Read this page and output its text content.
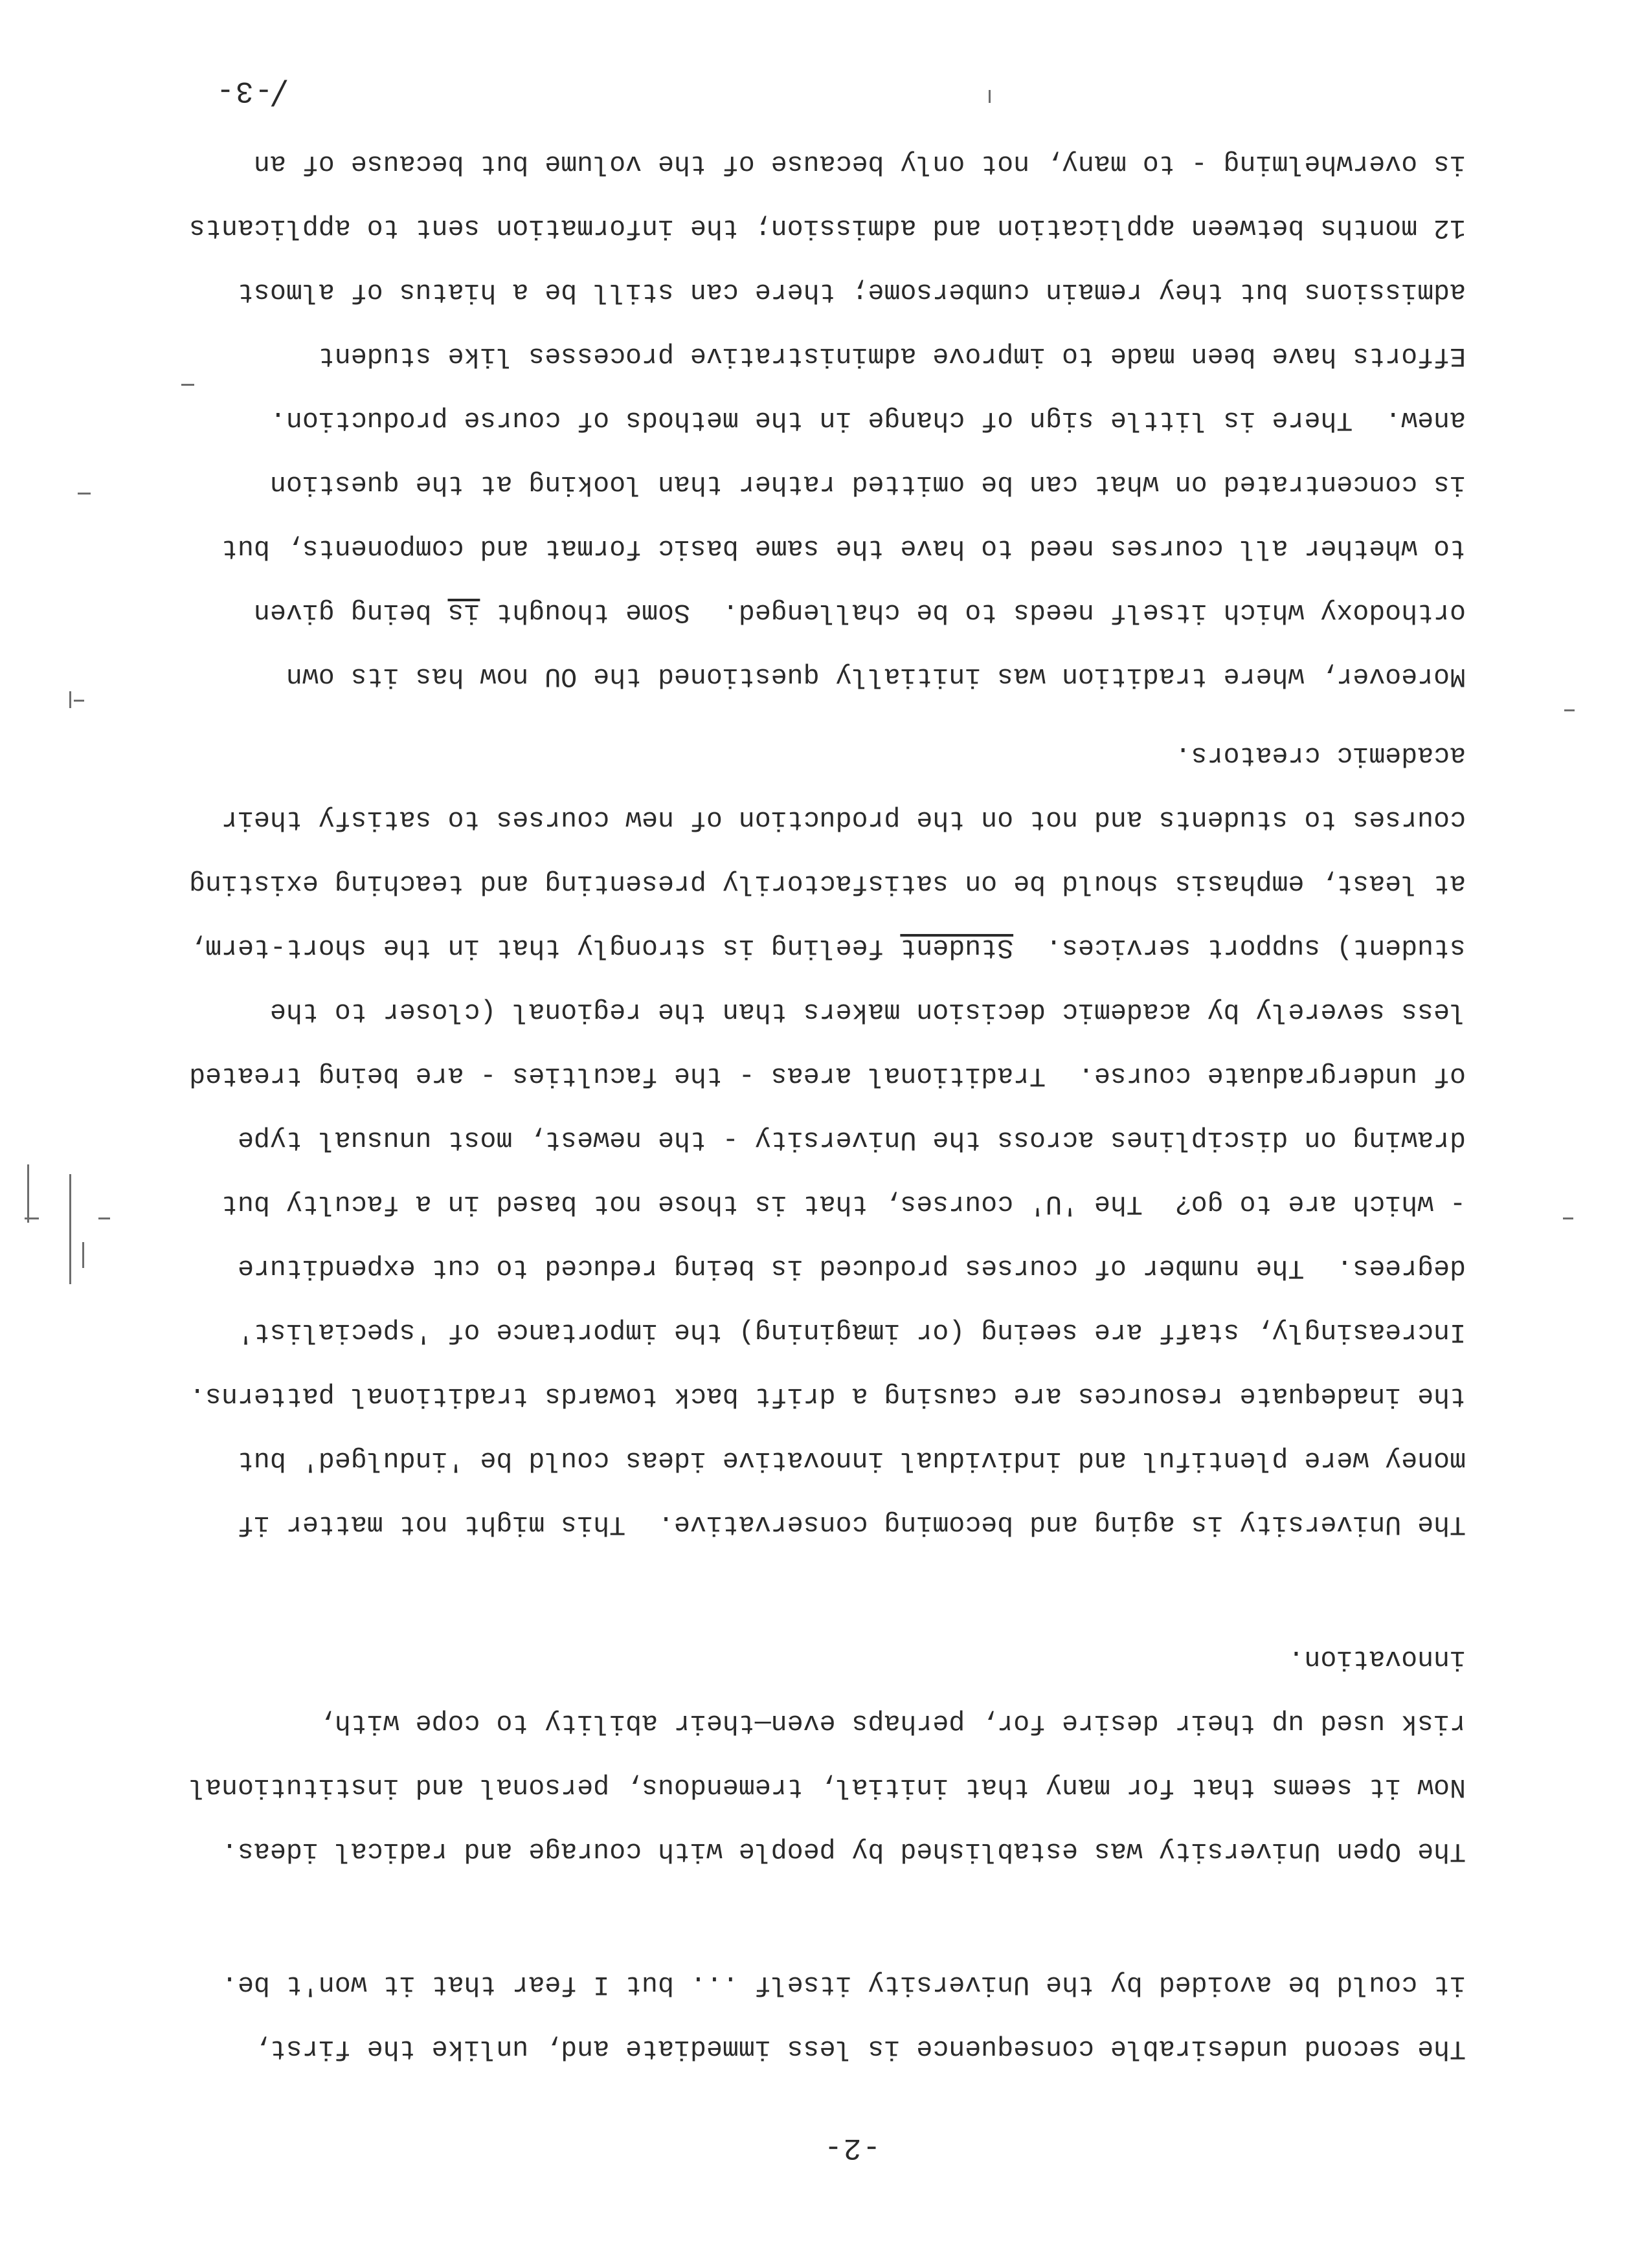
-2-
The second undesirable consequence is less immediate and, unlike the first,
it could be avoided by the University itself ... but I fear that it won't be.
The Open University was established by people with courage and radical ideas.
Now it seems that for many that initial, tremendous, personal and institutional
risk used up their desire for, perhaps even—their ability to cope with,
innovation.
The University is aging and becoming conservative.  This might not matter if
money were plentiful and individual innovative ideas could be 'indulged' but
the inadequate resources are causing a drift back towards traditional patterns.
Increasingly, staff are seeing (or imagining) the importance of 'specialist'
degrees.  The number of courses produced is being reduced to cut expenditure
- which are to go?  The 'U' courses, that is those not based in a faculty but
drawing on disciplines across the University - the newest, most unusual type
of undergraduate course.  Traditional areas - the faculties - are being treated
less severely by academic decision makers than the regional (closer to the
student) support services.  Student feeling is strongly that in the short-term,
at least, emphasis should be on satisfactorily presenting and teaching existing
courses to students and not on the production of new courses to satisfy their
academic creators.
Moreover, where tradition was initially questioned the OU now has its own
orthodoxy which itself needs to be challenged.  Some thought is being given
to whether all courses need to have the same basic format and components, but
is concentrated on what can be omitted rather than looking at the question
anew.  There is little sign of change in the methods of course production.
Efforts have been made to improve administrative processes like student
admissions but they remain cumbersome; there can still be a hiatus of almost
12 months between application and admission; the information sent to applicants
is overwhelming - to many, not only because of the volume but because of an
/-3-
